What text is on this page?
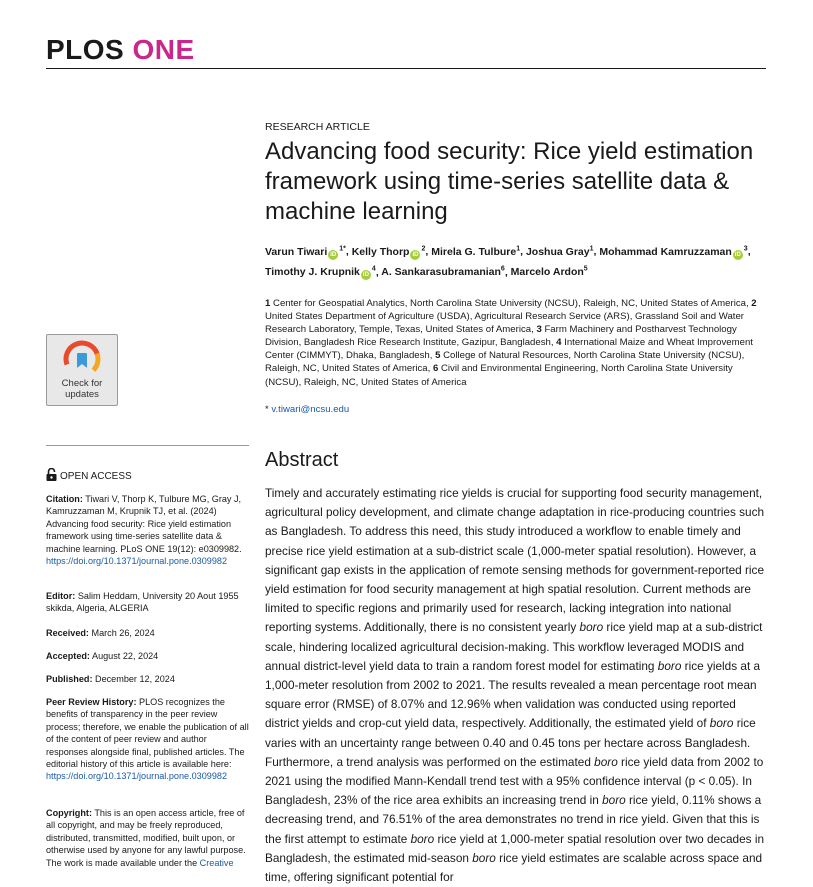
PLOS ONE
RESEARCH ARTICLE
Advancing food security: Rice yield estimation framework using time-series satellite data & machine learning
Varun Tiwari $iD^{1*}$, Kelly Thorp $iD^2$, Mirela G. Tulbure$^1$, Joshua Gray$^1$, Mohammad Kamruzzaman $iD^3$, Timothy J. Krupnik $iD^4$, A. Sankarasubramanian$^6$, Marcelo Ardon$^5$
1 Center for Geospatial Analytics, North Carolina State University (NCSU), Raleigh, NC, United States of America, 2 United States Department of Agriculture (USDA), Agricultural Research Service (ARS), Grassland Soil and Water Research Laboratory, Temple, Texas, United States of America, 3 Farm Machinery and Postharvest Technology Division, Bangladesh Rice Research Institute, Gazipur, Bangladesh, 4 International Maize and Wheat Improvement Center (CIMMYT), Dhaka, Bangladesh, 5 College of Natural Resources, North Carolina State University (NCSU), Raleigh, NC, United States of America, 6 Civil and Environmental Engineering, North Carolina State University (NCSU), Raleigh, NC, United States of America
* v.tiwari@ncsu.edu
Abstract

Timely and accurately estimating rice yields is crucial for supporting food security management, agricultural policy development, and climate change adaptation in rice-producing countries such as Bangladesh. To address this need, this study introduced a workflow to enable timely and precise rice yield estimation at a sub-district scale (1,000-meter spatial resolution). However, a significant gap exists in the application of remote sensing methods for government-reported rice yield estimation for food security management at high spatial resolution. Current methods are limited to specific regions and primarily used for research, lacking integration into national reporting systems. Additionally, there is no consistent yearly boro rice yield map at a sub-district scale, hindering localized agricultural decision-making. This workflow leveraged MODIS and annual district-level yield data to train a random forest model for estimating boro rice yields at a 1,000-meter resolution from 2002 to 2021. The results revealed a mean percentage root mean square error (RMSE) of 8.07% and 12.96% when validation was conducted using reported district yields and crop-cut yield data, respectively. Additionally, the estimated yield of boro rice varies with an uncertainty range between 0.40 and 0.45 tons per hectare across Bangladesh. Furthermore, a trend analysis was performed on the estimated boro rice yield data from 2002 to 2021 using the modified Mann-Kendall trend test with a 95% confidence interval (p < 0.05). In Bangladesh, 23% of the rice area exhibits an increasing trend in boro rice yield, 0.11% shows a decreasing trend, and 76.51% of the area demonstrates no trend in rice yield. Given that this is the first attempt to estimate boro rice yield at 1,000-meter spatial resolution over two decades in Bangladesh, the estimated mid-season boro rice yield estimates are scalable across space and time, offering significant potential for

Check for
updates
OPEN ACCESS
Citation: Tiwari V, Thorp K, Tulbure MG, Gray J, Kamruzzaman M, Krupnik TJ, et al. (2024) Advancing food security: Rice yield estimation framework using time-series satellite data & machine learning. PLoS ONE 19(12): e0309982. https://doi.org/10.1371/journal.pone.0309982
Editor: Salim Heddam, University 20 Aout 1955 skikda, Algeria, ALGERIA
Received: March 26, 2024
Accepted: August 22, 2024
Published: December 12, 2024
Peer Review History: PLOS recognizes the benefits of transparency in the peer review process; therefore, we enable the publication of all of the content of peer review and author responses alongside final, published articles. The editorial history of this article is available here: https://doi.org/10.1371/journal.pone.0309982
Copyright: This is an open access article, free of all copyright, and may be freely reproduced, distributed, transmitted, modified, built upon, or otherwise used by anyone for any lawful purpose. The work is made available under the Creative
